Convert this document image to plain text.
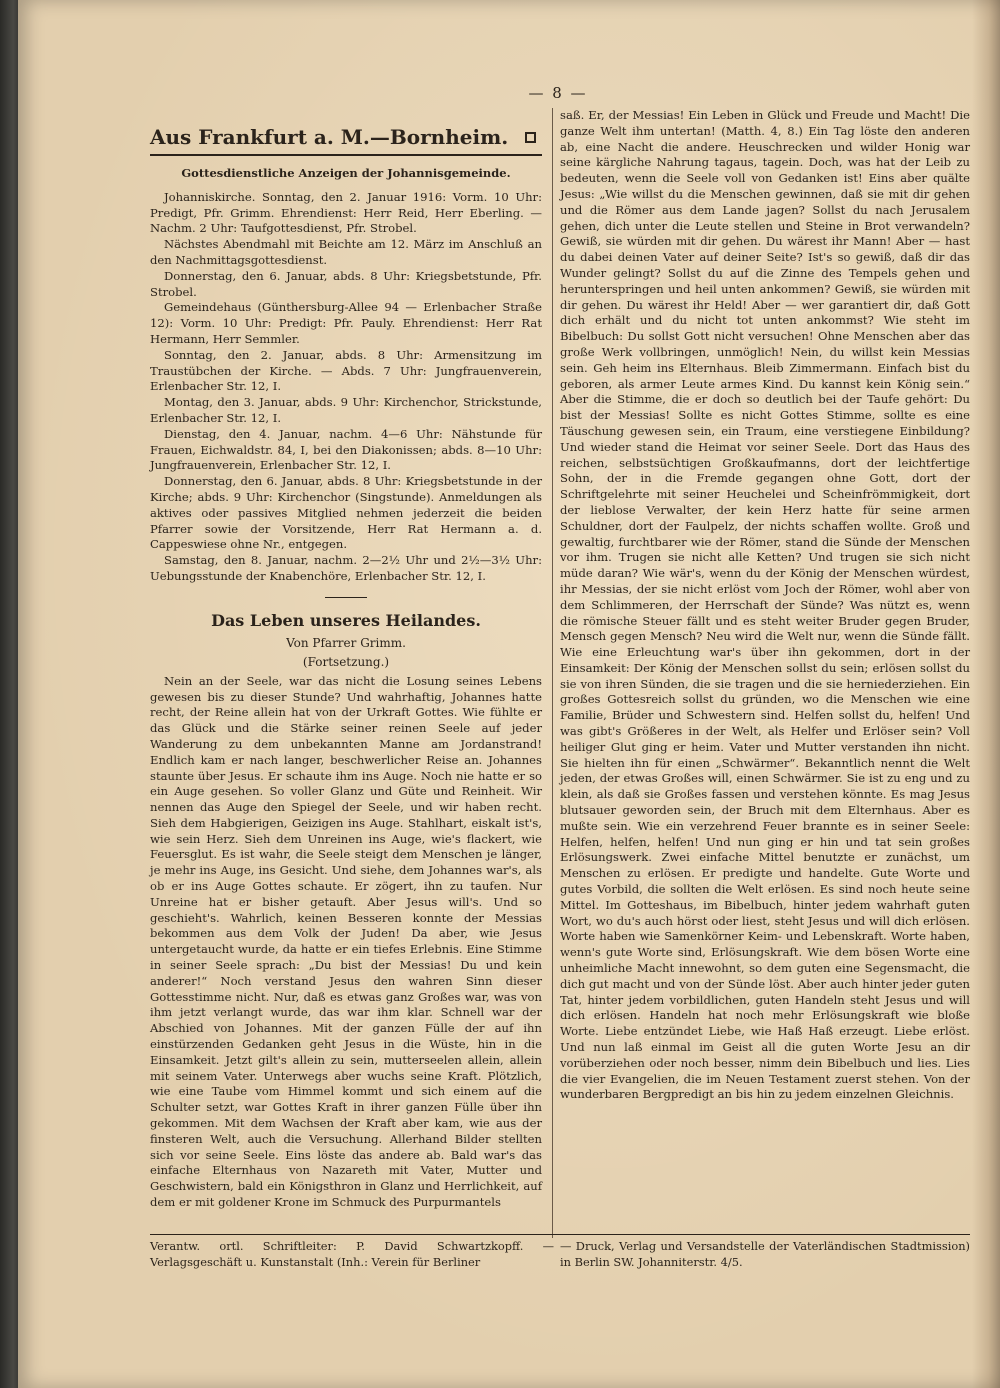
— 8 —
Aus Frankfurt a. M.—Bornheim.
Gottesdienstliche Anzeigen der Johannisgemeinde.

Johanniskirche. Sonntag, den 2. Januar 1916: Vorm. 10 Uhr: Predigt, Pfr. Grimm. Ehrendienst: Herr Reid, Herr Eberling. — Nachm. 2 Uhr: Taufgottesdienst, Pfr. Strobel.

Nächstes Abendmahl mit Beichte am 12. März im Anschluß an den Nachmittagsgottesdienst.

Donnerstag, den 6. Januar, abds. 8 Uhr: Kriegsbetstunde, Pfr. Strobel.

Gemeindehaus (Günthersburg-Allee 94 — Erlenbacher Straße 12): Vorm. 10 Uhr: Predigt: Pfr. Pauly. Ehrendienst: Herr Rat Hermann, Herr Semmler.

Sonntag, den 2. Januar, abds. 8 Uhr: Armensitzung im Traustübchen der Kirche. — Abds. 7 Uhr: Jungfrauenverein, Erlenbacher Str. 12, I.

Montag, den 3. Januar, abds. 9 Uhr: Kirchenchor, Strickstunde, Erlenbacher Str. 12, I.

Dienstag, den 4. Januar, nachm. 4—6 Uhr: Nähstunde für Frauen, Eichwaldstr. 84, I, bei den Diakonissen; abds. 8—10 Uhr: Jungfrauenverein, Erlenbacher Str. 12, I.

Donnerstag, den 6. Januar, abds. 8 Uhr: Kriegsbetstunde in der Kirche; abds. 9 Uhr: Kirchenchor (Singstunde). Anmeldungen als aktives oder passives Mitglied nehmen jederzeit die beiden Pfarrer sowie der Vorsitzende, Herr Rat Hermann a. d. Cappeswiese ohne Nr., entgegen.

Samstag, den 8. Januar, nachm. 2—2½ Uhr und 2½—3½ Uhr: Uebungsstunde der Knabenchöre, Erlenbacher Str. 12, I.

Das Leben unseres Heilandes.
Von Pfarrer Grimm.
(Fortsetzung.)

Nein an der Seele, war das nicht die Losung seines Lebens gewesen bis zu dieser Stunde? Und wahrhaftig, Johannes hatte recht, der Reine allein hat von der Urkraft Gottes. Wie fühlte er das Glück und die Stärke seiner reinen Seele auf jeder Wanderung zu dem unbekannten Manne am Jordanstrand! Endlich kam er nach langer, beschwerlicher Reise an. Johannes staunte über Jesus. Er schaute ihm ins Auge. Noch nie hatte er so ein Auge gesehen. So voller Glanz und Güte und Reinheit. Wir nennen das Auge den Spiegel der Seele, und wir haben recht. Sieh dem Habgierigen, Geizigen ins Auge. Stahlhart, eiskalt ist's, wie sein Herz. Sieh dem Unreinen ins Auge, wie's flackert, wie Feuersglut. Es ist wahr, die Seele steigt dem Menschen je länger, je mehr ins Auge, ins Gesicht. Und siehe, dem Johannes war's, als ob er ins Auge Gottes schaute. Er zögert, ihn zu taufen. Nur Unreine hat er bisher getauft. Aber Jesus will's. Und so geschieht's. Wahrlich, keinen Besseren konnte der Messias bekommen aus dem Volk der Juden! Da aber, wie Jesus untergetaucht wurde, da hatte er ein tiefes Erlebnis. Eine Stimme in seiner Seele sprach: „Du bist der Messias! Du und kein anderer!“ Noch verstand Jesus den wahren Sinn dieser Gottesstimme nicht. Nur, daß es etwas ganz Großes war, was von ihm jetzt verlangt wurde, das war ihm klar. Schnell war der Abschied von Johannes. Mit der ganzen Fülle der auf ihn einstürzenden Gedanken geht Jesus in die Wüste, hin in die Einsamkeit. Jetzt gilt's allein zu sein, mutterseelen allein, allein mit seinem Vater. Unterwegs aber wuchs seine Kraft. Plötzlich, wie eine Taube vom Himmel kommt und sich einem auf die Schulter setzt, war Gottes Kraft in ihrer ganzen Fülle über ihn gekommen. Mit dem Wachsen der Kraft aber kam, wie aus der finsteren Welt, auch die Versuchung. Allerhand Bilder stellten sich vor seine Seele. Eins löste das andere ab. Bald war's das einfache Elternhaus von Nazareth mit Vater, Mutter und Geschwistern, bald ein Königsthron in Glanz und Herrlichkeit, auf dem er mit goldener Krone im Schmuck des Purpurmantels

saß. Er, der Messias! Ein Leben in Glück und Freude und Macht! Die ganze Welt ihm untertan! (Matth. 4, 8.) Ein Tag löste den anderen ab, eine Nacht die andere. Heuschrecken und wilder Honig war seine kärgliche Nahrung tagaus, tagein. Doch, was hat der Leib zu bedeuten, wenn die Seele voll von Gedanken ist! Eins aber quälte Jesus: „Wie willst du die Menschen gewinnen, daß sie mit dir gehen und die Römer aus dem Lande jagen? Sollst du nach Jerusalem gehen, dich unter die Leute stellen und Steine in Brot verwandeln? Gewiß, sie würden mit dir gehen. Du wärest ihr Mann! Aber — hast du dabei deinen Vater auf deiner Seite? Ist's so gewiß, daß dir das Wunder gelingt? Sollst du auf die Zinne des Tempels gehen und herunterspringen und heil unten ankommen? Gewiß, sie würden mit dir gehen. Du wärest ihr Held! Aber — wer garantiert dir, daß Gott dich erhält und du nicht tot unten ankommst? Wie steht im Bibelbuch: Du sollst Gott nicht versuchen! Ohne Menschen aber das große Werk vollbringen, unmöglich! Nein, du willst kein Messias sein. Geh heim ins Elternhaus. Bleib Zimmermann. Einfach bist du geboren, als armer Leute armes Kind. Du kannst kein König sein.“ Aber die Stimme, die er doch so deutlich bei der Taufe gehört: Du bist der Messias! Sollte es nicht Gottes Stimme, sollte es eine Täuschung gewesen sein, ein Traum, eine verstiegene Einbildung? Und wieder stand die Heimat vor seiner Seele. Dort das Haus des reichen, selbstsüchtigen Großkaufmanns, dort der leichtfertige Sohn, der in die Fremde gegangen ohne Gott, dort der Schriftgelehrte mit seiner Heuchelei und Scheinfrömmigkeit, dort der lieblose Verwalter, der kein Herz hatte für seine armen Schuldner, dort der Faulpelz, der nichts schaffen wollte. Groß und gewaltig, furchtbarer wie der Römer, stand die Sünde der Menschen vor ihm. Trugen sie nicht alle Ketten? Und trugen sie sich nicht müde daran? Wie wär's, wenn du der König der Menschen würdest, ihr Messias, der sie nicht erlöst vom Joch der Römer, wohl aber von dem Schlimmeren, der Herrschaft der Sünde? Was nützt es, wenn die römische Steuer fällt und es steht weiter Bruder gegen Bruder, Mensch gegen Mensch? Neu wird die Welt nur, wenn die Sünde fällt. Wie eine Erleuchtung war's über ihn gekommen, dort in der Einsamkeit: Der König der Menschen sollst du sein; erlösen sollst du sie von ihren Sünden, die sie tragen und die sie herniederziehen. Ein großes Gottesreich sollst du gründen, wo die Menschen wie eine Familie, Brüder und Schwestern sind. Helfen sollst du, helfen! Und was gibt's Größeres in der Welt, als Helfer und Erlöser sein? Voll heiliger Glut ging er heim. Vater und Mutter verstanden ihn nicht. Sie hielten ihn für einen „Schwärmer“. Bekanntlich nennt die Welt jeden, der etwas Großes will, einen Schwärmer. Sie ist zu eng und zu klein, als daß sie Großes fassen und verstehen könnte. Es mag Jesus blutsauer geworden sein, der Bruch mit dem Elternhaus. Aber es mußte sein. Wie ein verzehrend Feuer brannte es in seiner Seele: Helfen, helfen, helfen! Und nun ging er hin und tat sein großes Erlösungswerk. Zwei einfache Mittel benutzte er zunächst, um Menschen zu erlösen. Er predigte und handelte. Gute Worte und gutes Vorbild, die sollten die Welt erlösen. Es sind noch heute seine Mittel. Im Gotteshaus, im Bibelbuch, hinter jedem wahrhaft guten Wort, wo du's auch hörst oder liest, steht Jesus und will dich erlösen. Worte haben wie Samenkörner Keim- und Lebenskraft. Worte haben, wenn's gute Worte sind, Erlösungskraft. Wie dem bösen Worte eine unheimliche Macht innewohnt, so dem guten eine Segensmacht, die dich gut macht und von der Sünde löst. Aber auch hinter jeder guten Tat, hinter jedem vorbildlichen, guten Handeln steht Jesus und will dich erlösen. Handeln hat noch mehr Erlösungskraft wie bloße Worte. Liebe entzündet Liebe, wie Haß Haß erzeugt. Liebe erlöst. Und nun laß einmal im Geist all die guten Worte Jesu an dir vorüberziehen oder noch besser, nimm dein Bibelbuch und lies. Lies die vier Evangelien, die im Neuen Testament zuerst stehen. Von der wunderbaren Bergpredigt an bis hin zu jedem einzelnen Gleichnis.

Verantw. ortl. Schriftleiter: P. David Schwartzkopff. — Verlagsgeschäft u. Kunstanstalt (Inh.: Verein für Berliner
— Druck, Verlag und Versandstelle der Vaterländischen Stadtmission) in Berlin SW. Johanniterstr. 4/5.
